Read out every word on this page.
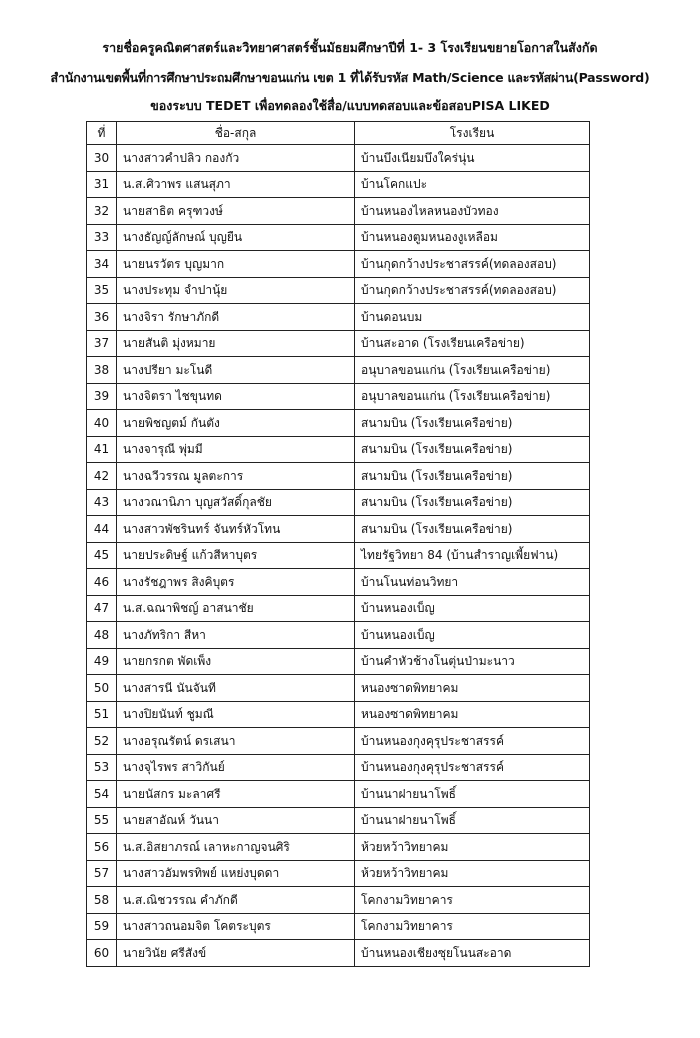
รายชื่อครูคณิตศาสตร์และวิทยาศาสตร์ชั้นมัธยมศึกษาปีที่ 1- 3 โรงเรียนขยายโอกาสในสังกัด
สำนักงานเขตพื้นที่การศึกษาประถมศึกษาขอนแก่น เขต 1 ที่ได้รับรหัส Math/Science และรหัสผ่าน(Password)
ของระบบ TEDET เพื่อทดลองใช้สื่อ/แบบทดสอบและข้อสอบPISA LIKED
ที่	ชื่อ-สกุล	โรงเรียน
30	นางสาวคำปลิว กองกัว	บ้านบึงเนียมบึงใคร่นุ่น
31	น.ส.ศิวาพร แสนสุภา	บ้านโคกแปะ
32	นายสาธิต ครุฑวงษ์	บ้านหนองไหลหนองบัวทอง
33	นางธัญญ์ลักษณ์ บุญยืน	บ้านหนองตูมหนองงูเหลือม
34	นายนรวัตร บุญมาก	บ้านกุดกว้างประชาสรรค์(ทดลองสอบ)
35	นางประทุม จำปานุ้ย	บ้านกุดกว้างประชาสรรค์(ทดลองสอบ)
36	นางจิรา รักษาภักดี	บ้านดอนบม
37	นายสันติ มุ่งหมาย	บ้านสะอาด (โรงเรียนเครือข่าย)
38	นางปรียา มะโนดี	อนุบาลขอนแก่น (โรงเรียนเครือข่าย)
39	นางจิตรา ไชขุนทด	อนุบาลขอนแก่น (โรงเรียนเครือข่าย)
40	นายพิชญตม์ กันตัง	สนามบิน (โรงเรียนเครือข่าย)
41	นางจารุณี พุ่มมี	สนามบิน (โรงเรียนเครือข่าย)
42	นางฉวีวรรณ มูลตะการ	สนามบิน (โรงเรียนเครือข่าย)
43	นางวณานิภา บุญสวัสดิ์กุลชัย	สนามบิน (โรงเรียนเครือข่าย)
44	นางสาวพัชรินทร์ จันทร์หัวโทน	สนามบิน (โรงเรียนเครือข่าย)
45	นายประดิษฐ์ แก้วสีหาบุตร	ไทยรัฐวิทยา 84 (บ้านสำราญเพี้ยฟาน)
46	นางรัชฎาพร สิงคิบุตร	บ้านโนนท่อนวิทยา
47	น.ส.ฉณาพิชญ์ อาสนาชัย	บ้านหนองเบ็ญ
48	นางภัทริกา สีหา	บ้านหนองเบ็ญ
49	นายกรกต พัดเพ็ง	บ้านคำหัวช้างโนตุ่นป่ามะนาว
50	นางสารนี นันจันที	หนองซาดพิทยาคม
51	นางปิยนันท์ ชูมณี	หนองซาดพิทยาคม
52	นางอรุณรัตน์ ดรเสนา	บ้านหนองกุงคุรุประชาสรรค์
53	นางจุไรพร สาวิกันย์	บ้านหนองกุงคุรุประชาสรรค์
54	นายนัสกร มะลาศรี	บ้านนาฝายนาโพธิ์
55	นายสาอัณห์ วันนา	บ้านนาฝายนาโพธิ์
56	น.ส.อิสยาภรณ์ เลาหะกาญจนศิริ	ห้วยหว้าวิทยาคม
57	นางสาวอัมพรทิพย์ แหย่งบุดดา	ห้วยหว้าวิทยาคม
58	น.ส.ณิชวรรณ คำภักดี	โคกงามวิทยาคาร
59	นางสาวถนอมจิต โคตระบุตร	โคกงามวิทยาคาร
60	นายวินัย ศรีสังข์	บ้านหนองเชียงซุยโนนสะอาด
